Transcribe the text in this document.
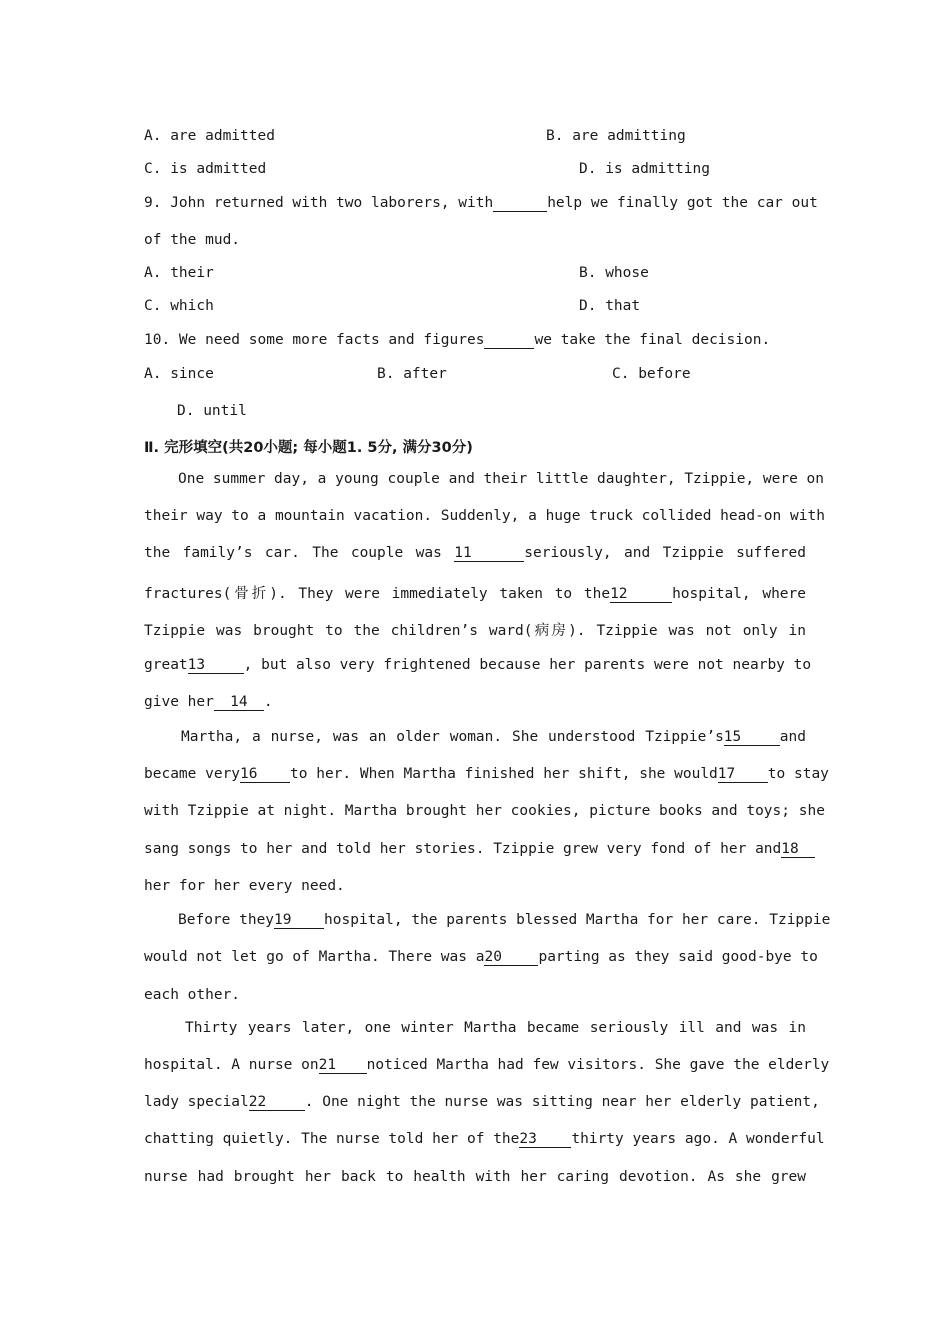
A. are admitted	B. are admitting
C. is admitted	D. is admitting
9. John returned with two laborers, with	help we finally got the car out
of the mud.
A. their	B. whose
C. which	D. that
10. We need some more facts and figures	we take the final decision.
A. since	B. after	C. before
D. until
Ⅱ. 完形填空(共20小题; 每小题1. 5分, 满分30分)
One summer day, a young couple and their little daughter, Tzippie, were on
their way to a mountain vacation. Suddenly, a huge truck collided head-on with
the family’s car. The couple was 11	seriously, and Tzippie suffered
fractures(骨折). They were immediately taken to the12	hospital, where
Tzippie was brought to the children’s ward(病房). Tzippie was not only in
great13	, but also very frightened because her parents were not nearby to
give her 14 .
Martha, a nurse, was an older woman. She understood Tzippie’s15	and
became very16 to her. When Martha finished her shift, she would17 to stay
with Tzippie at night. Martha brought her cookies, picture books and toys; she
sang songs to her and told her stories. Tzippie grew very fond of her and18
her for her every need.
Before they19 hospital, the parents blessed Martha for her care. Tzippie
would not let go of Martha. There was a20	parting as they said good-bye to
each other.
Thirty years later, one winter Martha became seriously ill and was in
hospital. A nurse on21 noticed Martha had few visitors. She gave the elderly
lady special22	. One night the nurse was sitting near her elderly patient,
chatting quietly. The nurse told her of the23 thirty years ago. A wonderful
nurse had brought her back to health with her caring devotion. As she grew
